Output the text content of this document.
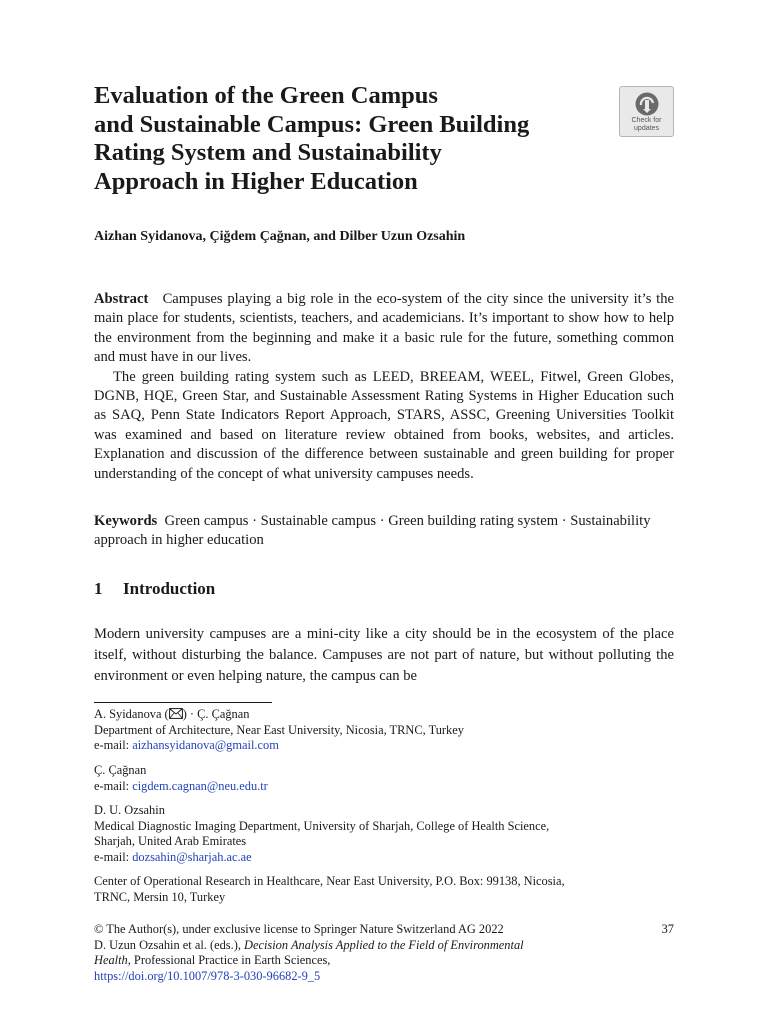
Evaluation of the Green Campus
and Sustainable Campus: Green Building
Rating System and Sustainability
Approach in Higher Education
Check for
updates
Aizhan Syidanova, Çiğdem Çağnan, and Dilber Uzun Ozsahin

Abstract Campuses playing a big role in the eco-system of the city since the university it’s the main place for students, scientists, teachers, and academicians. It’s important to show how to help the environment from the beginning and make it a basic rule for the future, something common and must have in our lives.

The green building rating system such as LEED, BREEAM, WEEL, Fitwel, Green Globes, DGNB, HQE, Green Star, and Sustainable Assessment Rating Systems in Higher Education such as SAQ, Penn State Indicators Report Approach, STARS, ASSC, Greening Universities Toolkit was examined and based on literature review obtained from books, websites, and articles. Explanation and discussion of the difference between sustainable and green building for proper understanding of the concept of what university campuses needs.

Keywords Green campus · Sustainable campus · Green building rating system · Sustainability approach in higher education
1 Introduction

Modern university campuses are a mini-city like a city should be in the ecosystem of the place itself, without disturbing the balance. Campuses are not part of nature, but without polluting the environment or even helping nature, the campus can be

A. Syidanova ( ) · Ç. Çağnan
Department of Architecture, Near East University, Nicosia, TRNC, Turkey
e-mail: aizhansyidanova@gmail.com
Ç. Çağnan
e-mail: cigdem.cagnan@neu.edu.tr
D. U. Ozsahin
Medical Diagnostic Imaging Department, University of Sharjah, College of Health Science,
Sharjah, United Arab Emirates
e-mail: dozsahin@sharjah.ac.ae
Center of Operational Research in Healthcare, Near East University, P.O. Box: 99138, Nicosia,
TRNC, Mersin 10, Turkey
© The Author(s), under exclusive license to Springer Nature Switzerland AG 2022
D. Uzun Ozsahin et al. (eds.), Decision Analysis Applied to the Field of Environmental
Health, Professional Practice in Earth Sciences,
https://doi.org/10.1007/978-3-030-96682-9_5
37
